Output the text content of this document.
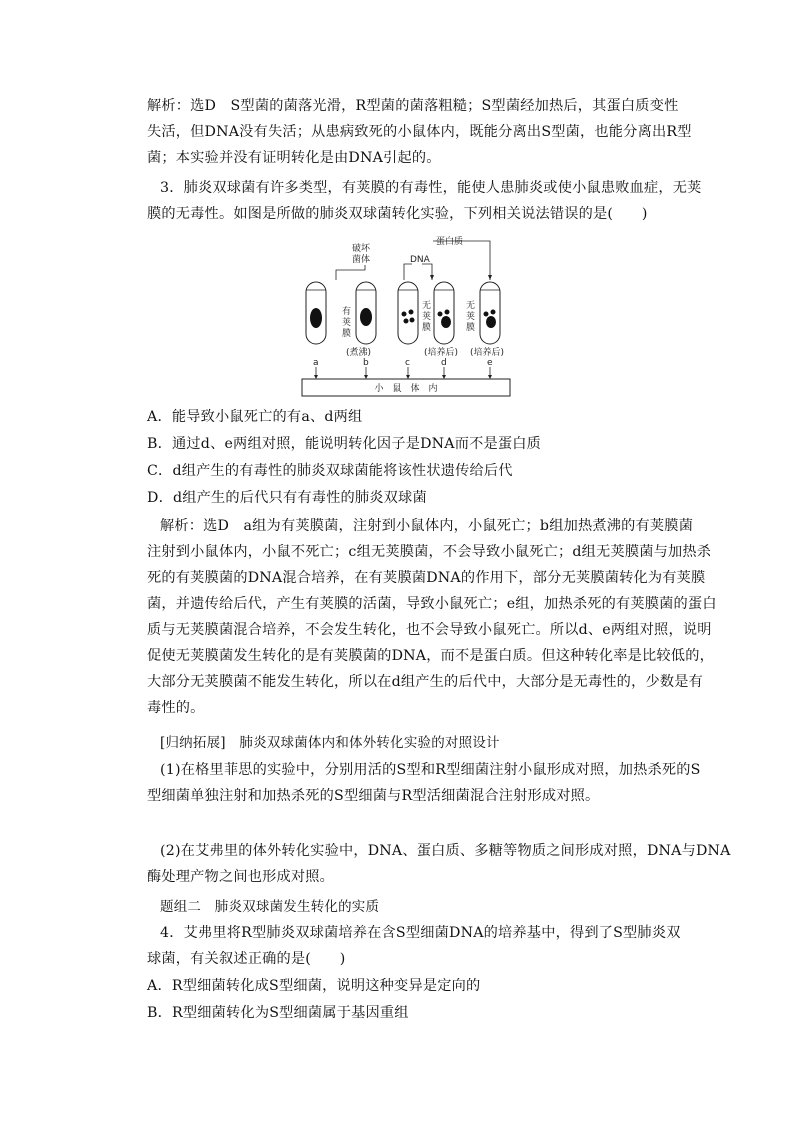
解析：选D　S型菌的菌落光滑，R型菌的菌落粗糙；S型菌经加热后，其蛋白质变性
失活，但DNA没有失活；从患病致死的小鼠体内，既能分离出S型菌，也能分离出R型
菌；本实验并没有证明转化是由DNA引起的。
3．肺炎双球菌有许多类型，有荚膜的有毒性，能使人患肺炎或使小鼠患败血症，无荚
膜的无毒性。如图是所做的肺炎双球菌转化实验，下列相关说法错误的是(　　)
破坏
菌体	DNA
蛋白质
有
荚
膜
无
荚
膜
无
荚
膜
(煮沸)	(培养后) (培养后)
a	b	c	d	e
小　鼠　体　内
A．能导致小鼠死亡的有a、d两组
B．通过d、e两组对照，能说明转化因子是DNA而不是蛋白质
C．d组产生的有毒性的肺炎双球菌能将该性状遗传给后代
D．d组产生的后代只有有毒性的肺炎双球菌
解析：选D　a组为有荚膜菌，注射到小鼠体内，小鼠死亡；b组加热煮沸的有荚膜菌
注射到小鼠体内，小鼠不死亡；c组无荚膜菌，不会导致小鼠死亡；d组无荚膜菌与加热杀
死的有荚膜菌的DNA混合培养，在有荚膜菌DNA的作用下，部分无荚膜菌转化为有荚膜
菌，并遗传给后代，产生有荚膜的活菌，导致小鼠死亡；e组，加热杀死的有荚膜菌的蛋白
质与无荚膜菌混合培养，不会发生转化，也不会导致小鼠死亡。所以d、e两组对照，说明
促使无荚膜菌发生转化的是有荚膜菌的DNA，而不是蛋白质。但这种转化率是比较低的，
大部分无荚膜菌不能发生转化，所以在d组产生的后代中，大部分是无毒性的，少数是有
毒性的。
[归纳拓展]　肺炎双球菌体内和体外转化实验的对照设计
(1)在格里菲思的实验中，分别用活的S型和R型细菌注射小鼠形成对照，加热杀死的S
型细菌单独注射和加热杀死的S型细菌与R型活细菌混合注射形成对照。
(2)在艾弗里的体外转化实验中，DNA、蛋白质、多糖等物质之间形成对照，DNA与DNA
酶处理产物之间也形成对照。
题组二　肺炎双球菌发生转化的实质
4．艾弗里将R型肺炎双球菌培养在含S型细菌DNA的培养基中，得到了S型肺炎双
球菌，有关叙述正确的是(　　)
A．R型细菌转化成S型细菌，说明这种变异是定向的
B．R型细菌转化为S型细菌属于基因重组
